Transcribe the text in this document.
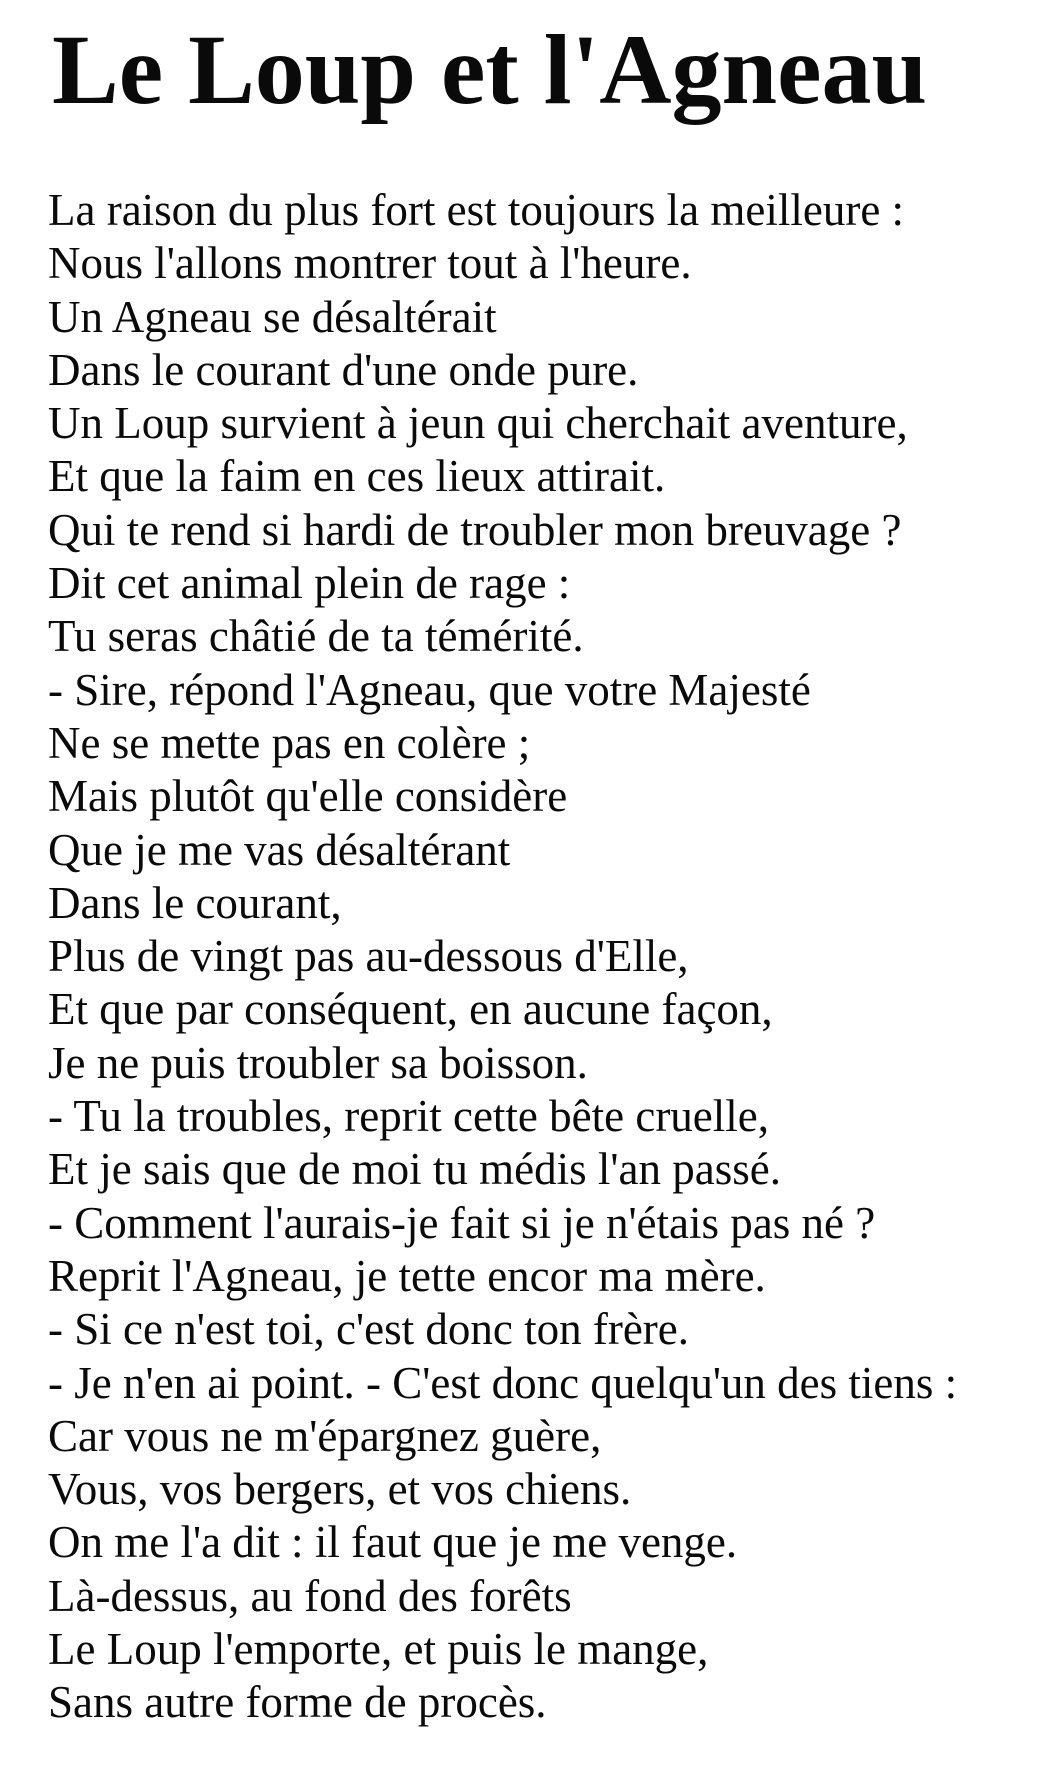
Le Loup et l'Agneau
La raison du plus fort est toujours la meilleure :
Nous l'allons montrer tout à l'heure.
Un Agneau se désaltérait
Dans le courant d'une onde pure.
Un Loup survient à jeun qui cherchait aventure,
Et que la faim en ces lieux attirait.
Qui te rend si hardi de troubler mon breuvage ?
Dit cet animal plein de rage :
Tu seras châtié de ta témérité.
- Sire, répond l'Agneau, que votre Majesté
Ne se mette pas en colère ;
Mais plutôt qu'elle considère
Que je me vas désaltérant
Dans le courant,
Plus de vingt pas au-dessous d'Elle,
Et que par conséquent, en aucune façon,
Je ne puis troubler sa boisson.
- Tu la troubles, reprit cette bête cruelle,
Et je sais que de moi tu médis l'an passé.
- Comment l'aurais-je fait si je n'étais pas né ?
Reprit l'Agneau, je tette encor ma mère.
- Si ce n'est toi, c'est donc ton frère.
- Je n'en ai point. - C'est donc quelqu'un des tiens :
Car vous ne m'épargnez guère,
Vous, vos bergers, et vos chiens.
On me l'a dit : il faut que je me venge.
Là-dessus, au fond des forêts
Le Loup l'emporte, et puis le mange,
Sans autre forme de procès.
